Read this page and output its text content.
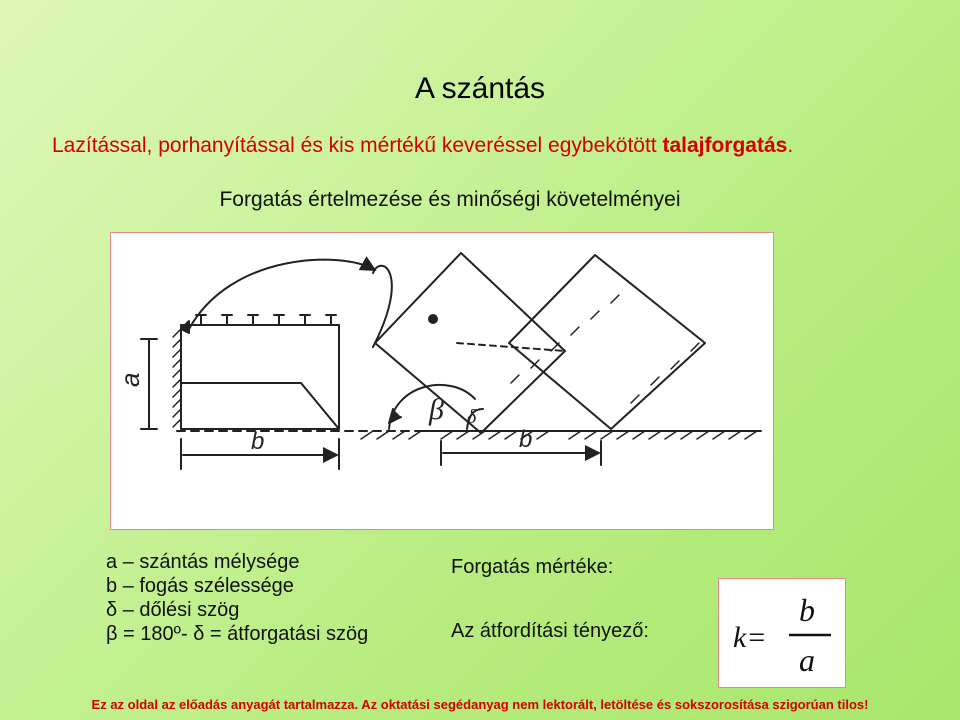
A szántás
Lazítással, porhanyítással és kis mértékű keveréssel egybekötött talajforgatás.
Forgatás értelmezése és minőségi követelményei
a
b	b
β δ
a – szántás mélysége
b – fogás szélessége
δ – dőlési szög
β = 180º- δ = átforgatási szög
Forgatás mértéke:
Az átfordítási tényező:	k=
b
a
Ez az oldal az előadás anyagát tartalmazza. Az oktatási segédanyag nem lektorált, letöltése és sokszorosítása szigorúan tilos!
